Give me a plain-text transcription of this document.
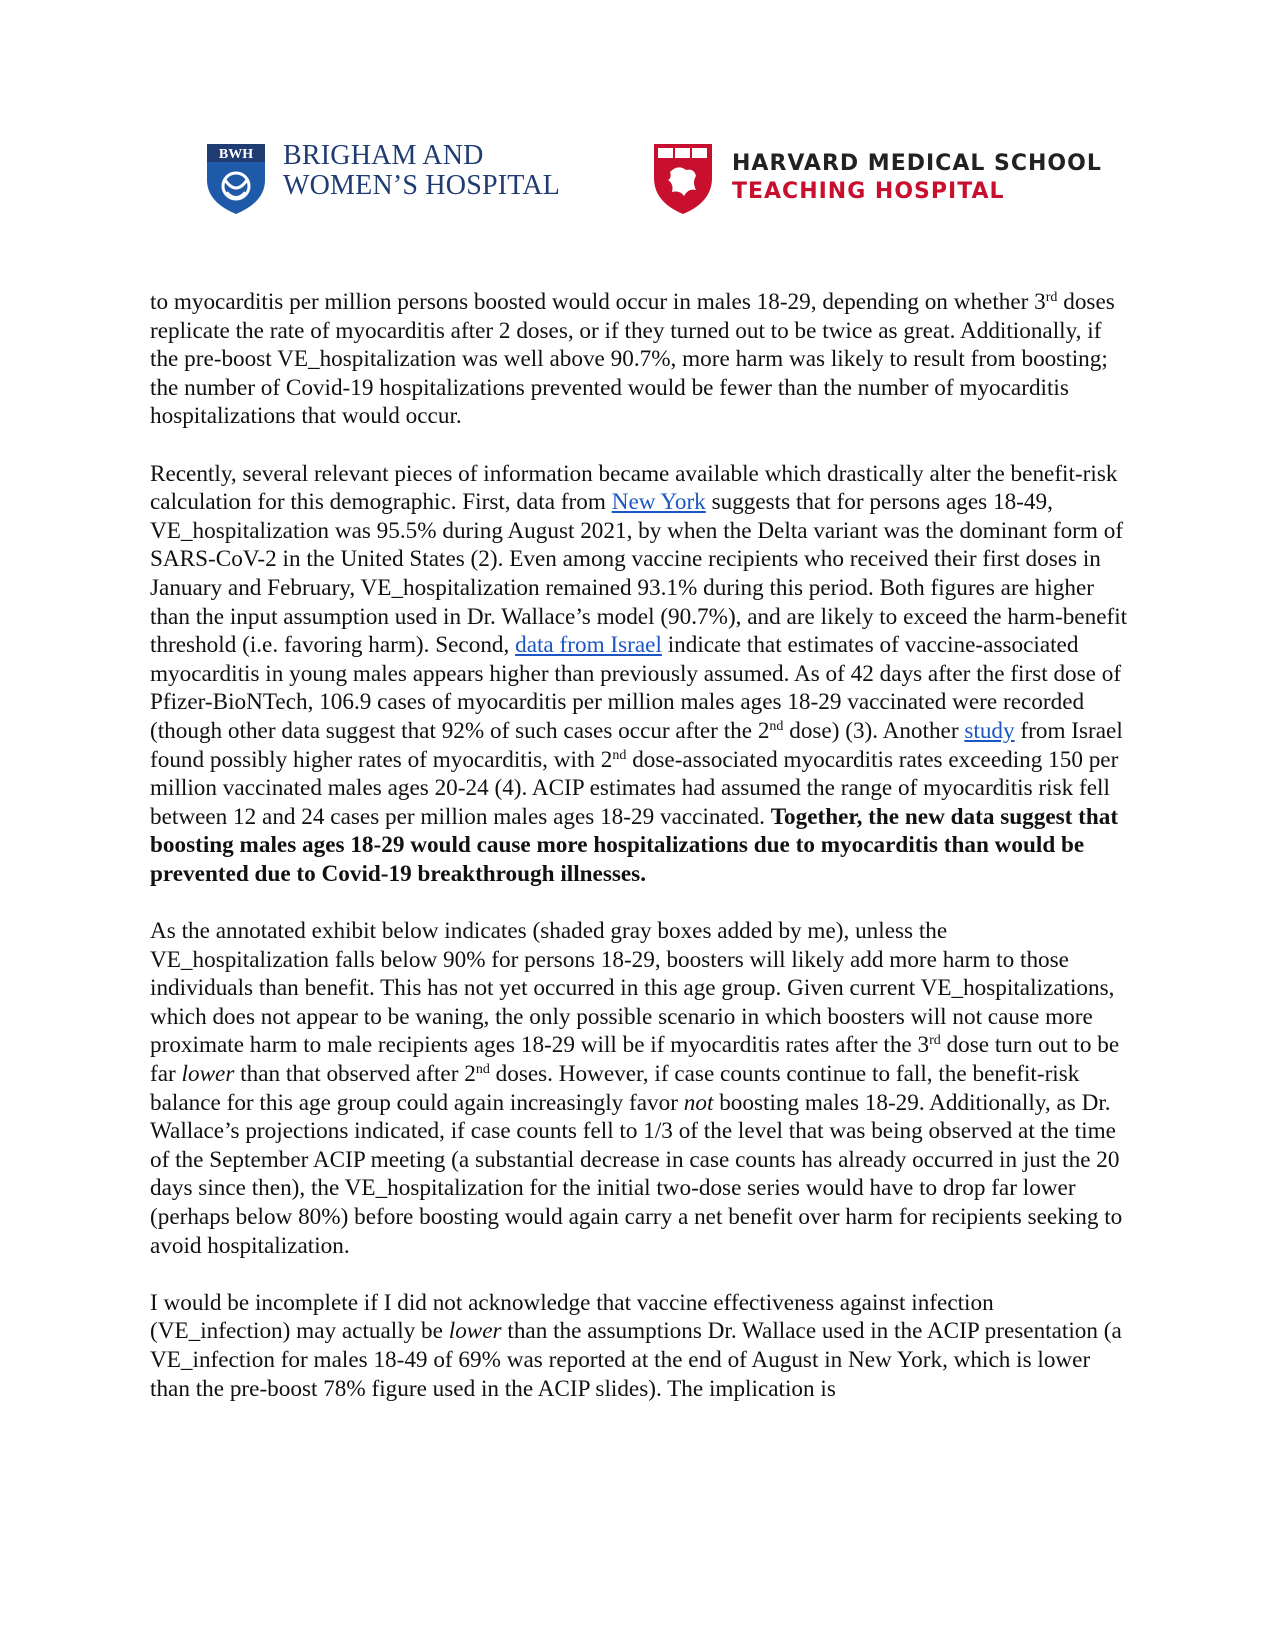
BWH BRIGHAM AND
WOMEN’S HOSPITAL
HARVARD MEDICAL SCHOOL
TEACHING HOSPITAL

to myocarditis per million persons boosted would occur in males 18-29, depending on whether 3rd doses replicate the rate of myocarditis after 2 doses, or if they turned out to be twice as great. Additionally, if the pre-boost VE_hospitalization was well above 90.7%, more harm was likely to result from boosting; the number of Covid-19 hospitalizations prevented would be fewer than the number of myocarditis hospitalizations that would occur.

Recently, several relevant pieces of information became available which drastically alter the benefit-risk calculation for this demographic. First, data from New York suggests that for persons ages 18-49, VE_hospitalization was 95.5% during August 2021, by when the Delta variant was the dominant form of SARS-CoV-2 in the United States (2). Even among vaccine recipients who received their first doses in January and February, VE_hospitalization remained 93.1% during this period. Both figures are higher than the input assumption used in Dr. Wallace’s model (90.7%), and are likely to exceed the harm-benefit threshold (i.e. favoring harm). Second, data from Israel indicate that estimates of vaccine-associated myocarditis in young males appears higher than previously assumed. As of 42 days after the first dose of Pfizer-BioNTech, 106.9 cases of myocarditis per million males ages 18-29 vaccinated were recorded (though other data suggest that 92% of such cases occur after the 2nd dose) (3). Another study from Israel found possibly higher rates of myocarditis, with 2nd dose-associated myocarditis rates exceeding 150 per million vaccinated males ages 20-24 (4). ACIP estimates had assumed the range of myocarditis risk fell between 12 and 24 cases per million males ages 18-29 vaccinated. Together, the new data suggest that boosting males ages 18-29 would cause more hospitalizations due to myocarditis than would be prevented due to Covid-19 breakthrough illnesses.

As the annotated exhibit below indicates (shaded gray boxes added by me), unless the VE_hospitalization falls below 90% for persons 18-29, boosters will likely add more harm to those individuals than benefit. This has not yet occurred in this age group. Given current VE_hospitalizations, which does not appear to be waning, the only possible scenario in which boosters will not cause more proximate harm to male recipients ages 18-29 will be if myocarditis rates after the 3rd dose turn out to be far lower than that observed after 2nd doses. However, if case counts continue to fall, the benefit-risk balance for this age group could again increasingly favor not boosting males 18-29. Additionally, as Dr. Wallace’s projections indicated, if case counts fell to 1/3 of the level that was being observed at the time of the September ACIP meeting (a substantial decrease in case counts has already occurred in just the 20 days since then), the VE_hospitalization for the initial two-dose series would have to drop far lower (perhaps below 80%) before boosting would again carry a net benefit over harm for recipients seeking to avoid hospitalization.

I would be incomplete if I did not acknowledge that vaccine effectiveness against infection (VE_infection) may actually be lower than the assumptions Dr. Wallace used in the ACIP presentation (a VE_infection for males 18-49 of 69% was reported at the end of August in New York, which is lower than the pre-boost 78% figure used in the ACIP slides). The implication is
